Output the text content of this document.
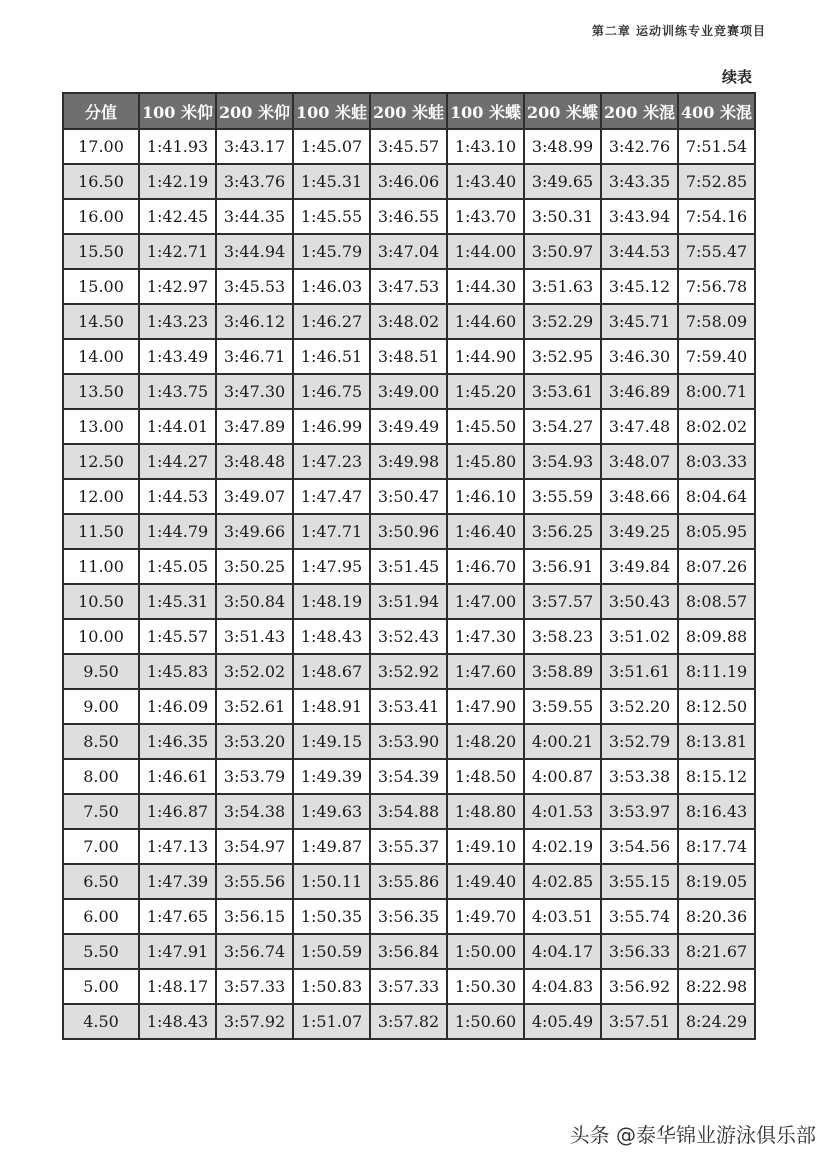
第二章 运动训练专业竞赛项目
续表
分值	100 米仰	200 米仰	100 米蛙	200 米蛙	100 米蝶	200 米蝶	200 米混	400 米混
17.00	1:41.93	3:43.17	1:45.07	3:45.57	1:43.10	3:48.99	3:42.76	7:51.54
16.50	1:42.19	3:43.76	1:45.31	3:46.06	1:43.40	3:49.65	3:43.35	7:52.85
16.00	1:42.45	3:44.35	1:45.55	3:46.55	1:43.70	3:50.31	3:43.94	7:54.16
15.50	1:42.71	3:44.94	1:45.79	3:47.04	1:44.00	3:50.97	3:44.53	7:55.47
15.00	1:42.97	3:45.53	1:46.03	3:47.53	1:44.30	3:51.63	3:45.12	7:56.78
14.50	1:43.23	3:46.12	1:46.27	3:48.02	1:44.60	3:52.29	3:45.71	7:58.09
14.00	1:43.49	3:46.71	1:46.51	3:48.51	1:44.90	3:52.95	3:46.30	7:59.40
13.50	1:43.75	3:47.30	1:46.75	3:49.00	1:45.20	3:53.61	3:46.89	8:00.71
13.00	1:44.01	3:47.89	1:46.99	3:49.49	1:45.50	3:54.27	3:47.48	8:02.02
12.50	1:44.27	3:48.48	1:47.23	3:49.98	1:45.80	3:54.93	3:48.07	8:03.33
12.00	1:44.53	3:49.07	1:47.47	3:50.47	1:46.10	3:55.59	3:48.66	8:04.64
11.50	1:44.79	3:49.66	1:47.71	3:50.96	1:46.40	3:56.25	3:49.25	8:05.95
11.00	1:45.05	3:50.25	1:47.95	3:51.45	1:46.70	3:56.91	3:49.84	8:07.26
10.50	1:45.31	3:50.84	1:48.19	3:51.94	1:47.00	3:57.57	3:50.43	8:08.57
10.00	1:45.57	3:51.43	1:48.43	3:52.43	1:47.30	3:58.23	3:51.02	8:09.88
9.50	1:45.83	3:52.02	1:48.67	3:52.92	1:47.60	3:58.89	3:51.61	8:11.19
9.00	1:46.09	3:52.61	1:48.91	3:53.41	1:47.90	3:59.55	3:52.20	8:12.50
8.50	1:46.35	3:53.20	1:49.15	3:53.90	1:48.20	4:00.21	3:52.79	8:13.81
8.00	1:46.61	3:53.79	1:49.39	3:54.39	1:48.50	4:00.87	3:53.38	8:15.12
7.50	1:46.87	3:54.38	1:49.63	3:54.88	1:48.80	4:01.53	3:53.97	8:16.43
7.00	1:47.13	3:54.97	1:49.87	3:55.37	1:49.10	4:02.19	3:54.56	8:17.74
6.50	1:47.39	3:55.56	1:50.11	3:55.86	1:49.40	4:02.85	3:55.15	8:19.05
6.00	1:47.65	3:56.15	1:50.35	3:56.35	1:49.70	4:03.51	3:55.74	8:20.36
5.50	1:47.91	3:56.74	1:50.59	3:56.84	1:50.00	4:04.17	3:56.33	8:21.67
5.00	1:48.17	3:57.33	1:50.83	3:57.33	1:50.30	4:04.83	3:56.92	8:22.98
4.50	1:48.43	3:57.92	1:51.07	3:57.82	1:50.60	4:05.49	3:57.51	8:24.29
头条 @泰华锦业游泳俱乐部
